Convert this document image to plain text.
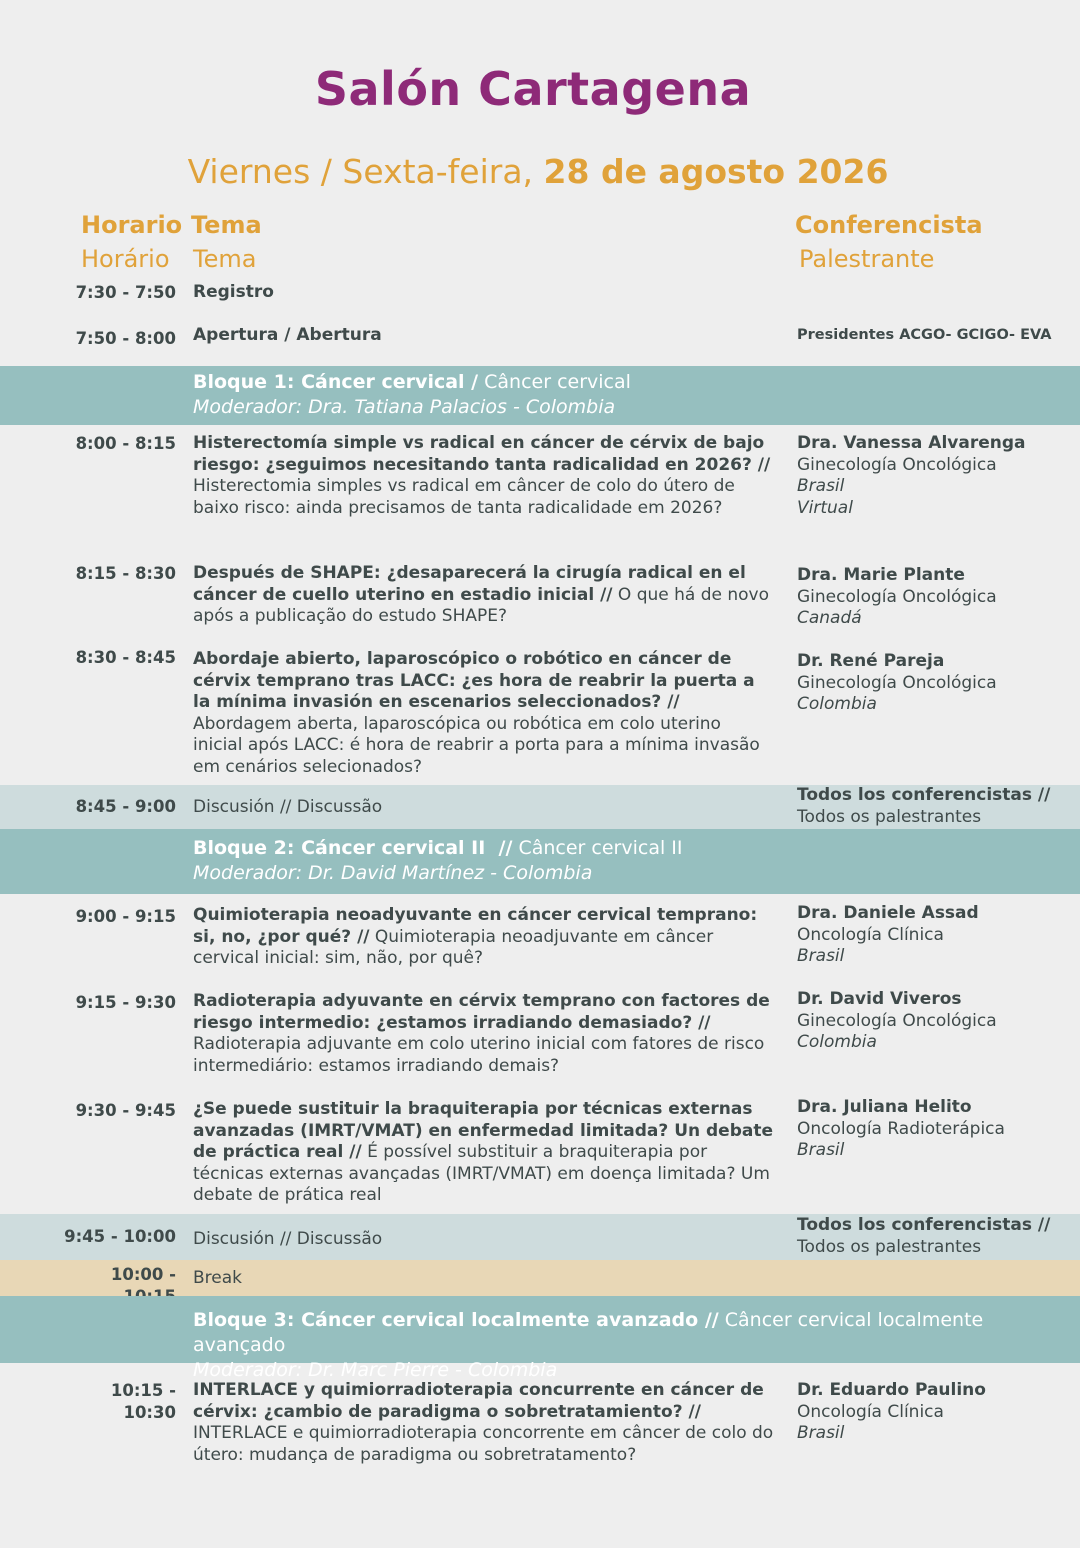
Salón Cartagena
Viernes / Sexta-feira, 28 de agosto 2026
Horario
Horário
Tema
Tema
Conferencista
Palestrante
7:30 - 7:50 Registro
7:50 - 8:00 Apertura / Abertura	Presidentes ACGO- GCIGO- EVA
Bloque 1: Cáncer cervical / Câncer cervical
Moderador: Dra. Tatiana Palacios - Colombia
8:00 - 8:15 Histerectomía simple vs radical en cáncer de cérvix de bajo riesgo: ¿seguimos necesitando tanta radicalidad en 2026? // Histerectomia simples vs radical em câncer de colo do útero de baixo risco: ainda precisamos de tanta radicalidade em 2026?
Dra. Vanessa Alvarenga
Ginecología Oncológica
Brasil
Virtual
8:15 - 8:30 Después de SHAPE: ¿desaparecerá la cirugía radical en el cáncer de cuello uterino en estadio inicial // O que há de novo após a publicação do estudo SHAPE?
Dra. Marie Plante
Ginecología Oncológica
Canadá
8:30 - 8:45 Abordaje abierto, laparoscópico o robótico en cáncer de cérvix temprano tras LACC: ¿es hora de reabrir la puerta a la mínima invasión en escenarios seleccionados? // Abordagem aberta, laparoscópica ou robótica em colo uterino inicial após LACC: é hora de reabrir a porta para a mínima invasão em cenários selecionados?
Dr. René Pareja
Ginecología Oncológica
Colombia
8:45 - 9:00 Discusión // Discussão
Todos los conferencistas //
Todos os palestrantes
Bloque 2: Cáncer cervical II  // Câncer cervical II
Moderador: Dr. David Martínez - Colombia
9:00 - 9:15 Quimioterapia neoadyuvante en cáncer cervical temprano: si, no, ¿por qué? // Quimioterapia neoadjuvante em câncer cervical inicial: sim, não, por quê?
Dra. Daniele Assad
Oncología Clínica
Brasil
9:15 - 9:30 Radioterapia adyuvante en cérvix temprano con factores de riesgo intermedio: ¿estamos irradiando demasiado? // Radioterapia adjuvante em colo uterino inicial com fatores de risco intermediário: estamos irradiando demais?
Dr. David Viveros
Ginecología Oncológica
Colombia
9:30 - 9:45 ¿Se puede sustituir la braquiterapia por técnicas externas avanzadas (IMRT/VMAT) en enfermedad limitada? Un debate de práctica real // É possível substituir a braquiterapia por técnicas externas avançadas (IMRT/VMAT) em doença limitada? Um debate de prática real
Dra. Juliana Helito
Oncología Radioterápica
Brasil
9:45 - 10:00 Discusión // Discussão
Todos los conferencistas //
Todos os palestrantes
10:00 - Break
Bloque 3: Cáncer cervical localmente avanzado // Câncer cervical localmente avançado
Moderador: Dr. Marc Pierre - Colombia
10:15 - 10:30
INTERLACE y quimiorradioterapia concurrente en cáncer de cérvix: ¿cambio de paradigma o sobretratamiento? // INTERLACE e quimiorradioterapia concorrente em câncer de colo do útero: mudança de paradigma ou sobretratamento?
Dr. Eduardo Paulino
Oncología Clínica
Brasil
